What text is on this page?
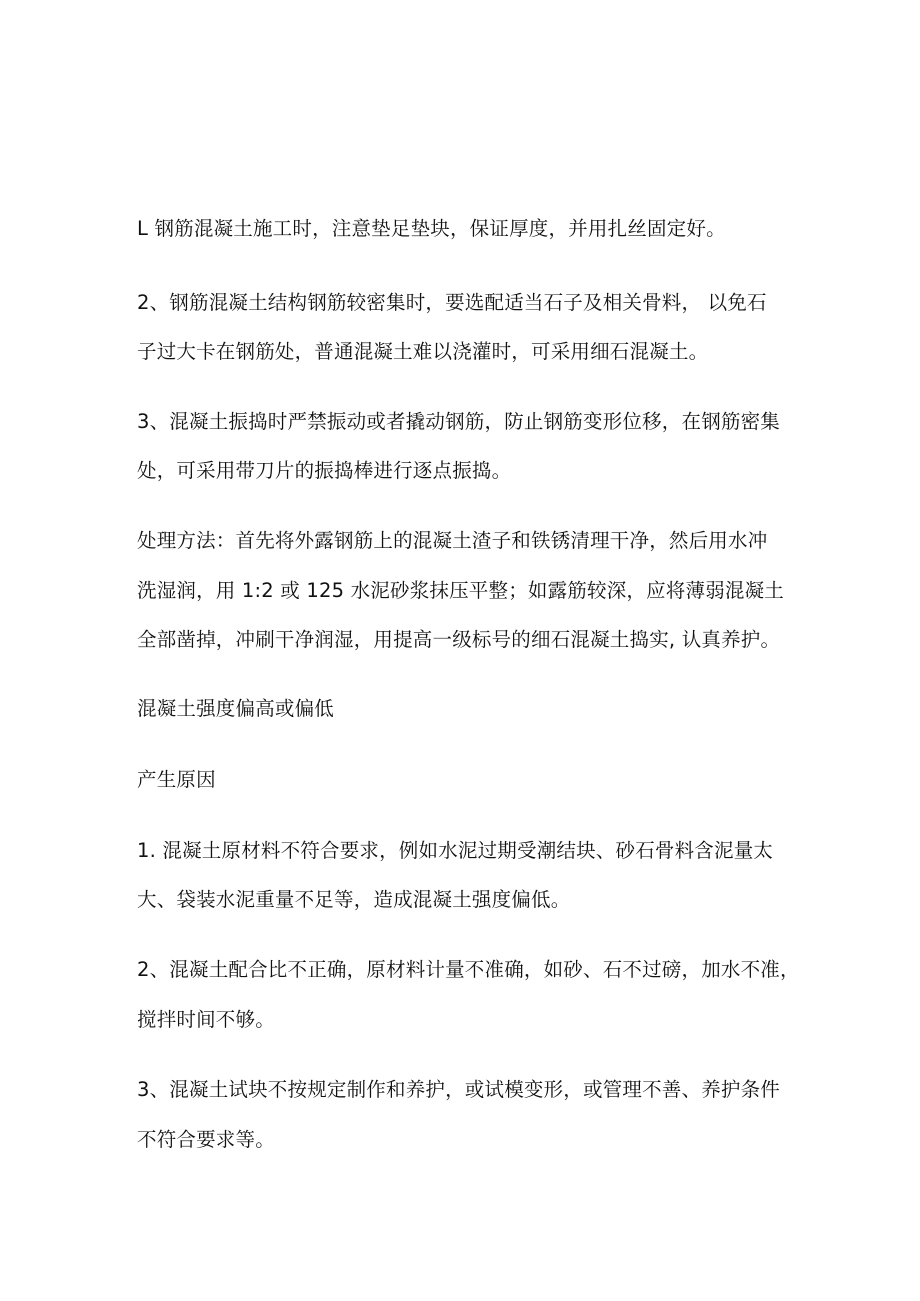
L 钢筋混凝土施工时，注意垫足垫块，保证厚度，并用扎丝固定好。
2、钢筋混凝土结构钢筋较密集时，要选配适当石子及相关骨料， 以免石
子过大卡在钢筋处，普通混凝土难以浇灌时，可采用细石混凝土。
3、混凝土振捣时严禁振动或者撬动钢筋，防止钢筋变形位移，在钢筋密集
处，可采用带刀片的振捣棒进行逐点振捣。
处理方法：首先将外露钢筋上的混凝土渣子和铁锈清理干净，然后用水冲
洗湿润，用 1:2 或 125 水泥砂浆抹压平整；如露筋较深，应将薄弱混凝土
全部凿掉，冲刷干净润湿，用提高一级标号的细石混凝土捣实, 认真养护。
混凝土强度偏高或偏低
产生原因
1. 混凝土原材料不符合要求，例如水泥过期受潮结块、砂石骨料含泥量太
大、袋装水泥重量不足等，造成混凝土强度偏低。
2、混凝土配合比不正确，原材料计量不准确，如砂、石不过磅，加水不准，
搅拌时间不够。
3、混凝土试块不按规定制作和养护，或试模变形，或管理不善、养护条件
不符合要求等。
